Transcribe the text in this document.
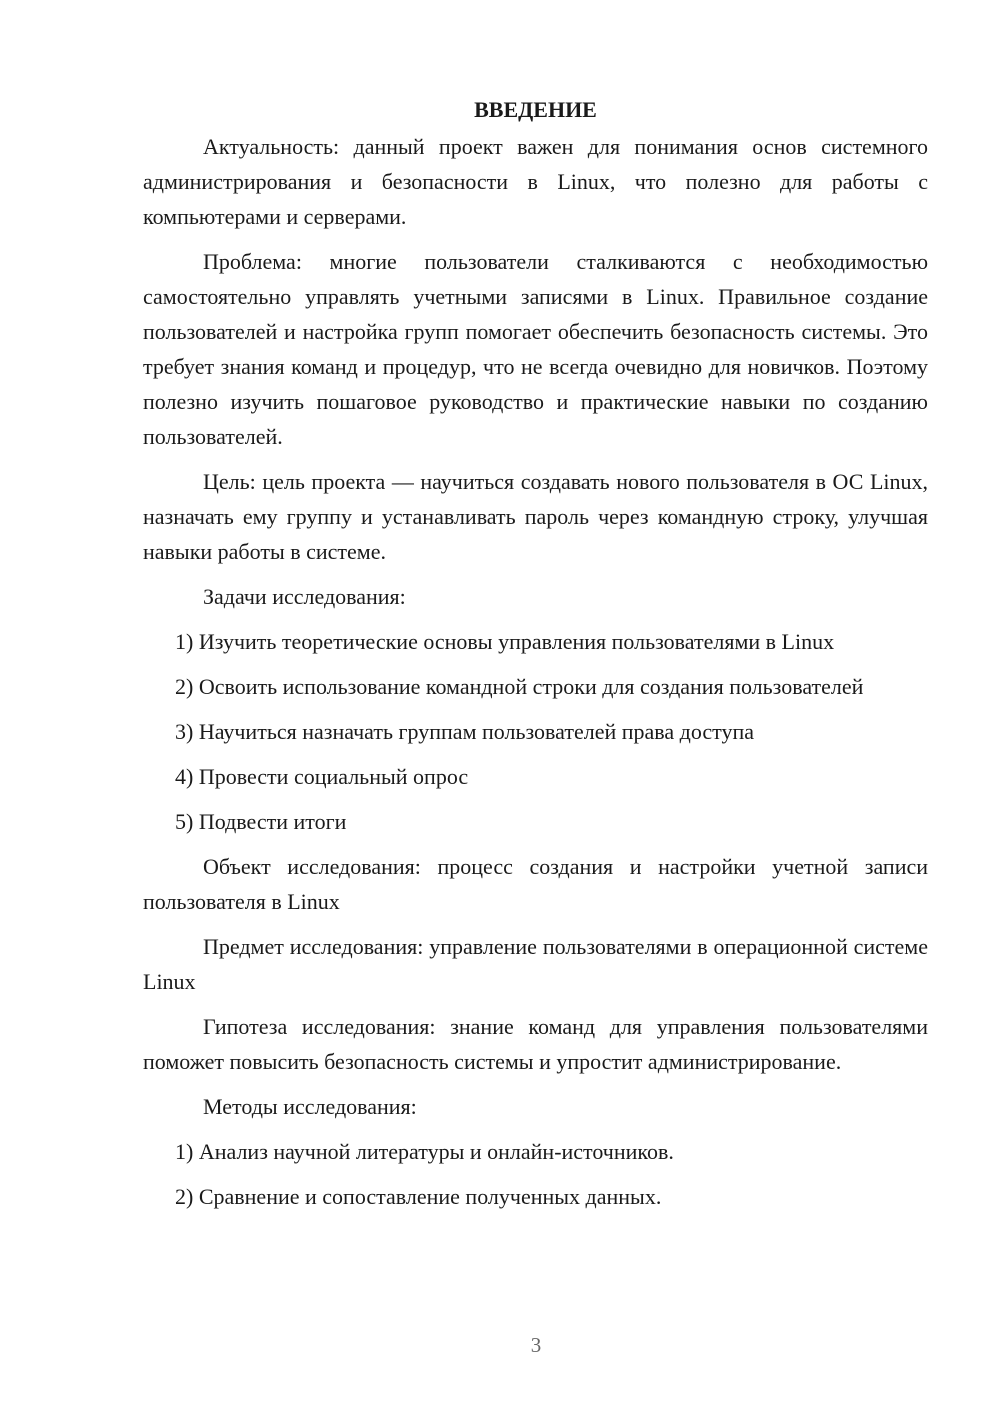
ВВЕДЕНИЕ

Актуальность: данный проект важен для понимания основ системного администрирования и безопасности в Linux, что полезно для работы с компьютерами и серверами.

Проблема: многие пользователи сталкиваются с необходимостью самостоятельно управлять учетными записями в Linux. Правильное создание пользователей и настройка групп помогает обеспечить безопасность системы. Это требует знания команд и процедур, что не всегда очевидно для новичков. Поэтому полезно изучить пошаговое руководство и практические навыки по созданию пользователей.

Цель: цель проекта — научиться создавать нового пользователя в ОС Linux, назначать ему группу и устанавливать пароль через командную строку, улучшая навыки работы в системе.

Задачи исследования:

1) Изучить теоретические основы управления пользователями в Linux

2) Освоить использование командной строки для создания пользователей

3) Научиться назначать группам пользователей права доступа

4) Провести социальный опрос

5) Подвести итоги

Объект исследования: процесс создания и настройки учетной записи пользователя в Linux

Предмет исследования: управление пользователями в операционной системе Linux

Гипотеза исследования: знание команд для управления пользователями поможет повысить безопасность системы и упростит администрирование.

Методы исследования:

1) Анализ научной литературы и онлайн-источников.

2) Сравнение и сопоставление полученных данных.

3
